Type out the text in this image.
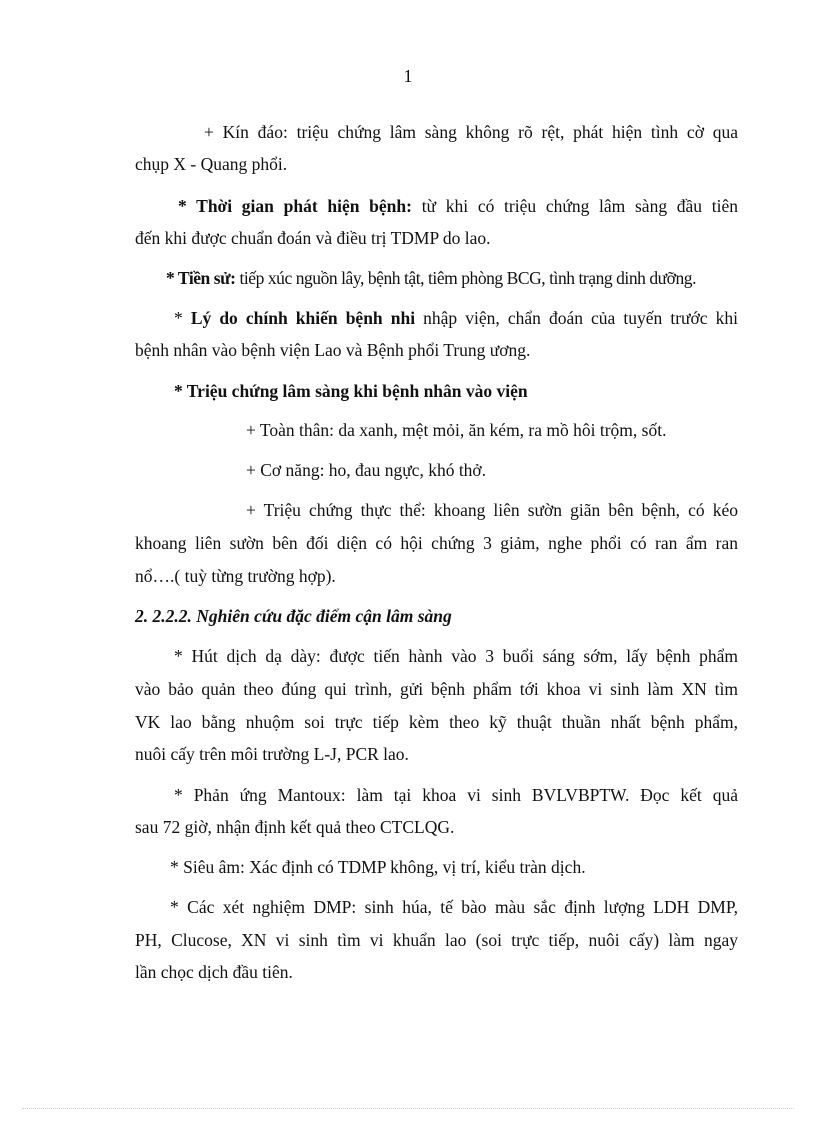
1
+ Kín đáo: triệu chứng lâm sàng không rõ rệt, phát hiện tình cờ qua
chụp X - Quang phổi.
* Thời gian phát hiện bệnh: từ khi có triệu chứng lâm sàng đầu tiên
đến khi được chuẩn đoán và điều trị TDMP do lao.
* Tiền sử: tiếp xúc nguồn lây, bệnh tật, tiêm phòng BCG, tình trạng dinh dưỡng.
* Lý do chính khiến bệnh nhi nhập viện, chẩn đoán của tuyến trước khi
bệnh nhân vào bệnh viện Lao và Bệnh phổi Trung ương.
* Triệu chứng lâm sàng khi bệnh nhân vào viện
+ Toàn thân: da xanh, mệt mỏi, ăn kém, ra mồ hôi trộm, sốt.
+ Cơ năng: ho, đau ngực, khó thở.
+ Triệu chứng thực thể: khoang liên sườn giãn bên bệnh, có kéo
khoang liên sườn bên đối diện có hội chứng 3 giảm, nghe phổi có ran ẩm ran
nổ….( tuỳ từng trường hợp).
2. 2.2.2. Nghiên cứu đặc điểm cận lâm sàng
* Hút dịch dạ dày: được tiến hành vào 3 buổi sáng sớm, lấy bệnh phẩm
vào bảo quản theo đúng qui trình, gửi bệnh phẩm tới khoa vi sinh làm XN tìm
VK lao bằng nhuộm soi trực tiếp kèm theo kỹ thuật thuần nhất bệnh phẩm,
nuôi cấy trên môi trường L-J, PCR lao.
* Phản ứng Mantoux: làm tại khoa vi sinh BVLVBPTW. Đọc kết quả
sau 72 giờ, nhận định kết quả theo CTCLQG.
* Siêu âm: Xác định có TDMP không, vị trí, kiểu tràn dịch.
* Các xét nghiệm DMP: sinh húa, tế bào màu sắc định lượng LDH DMP,
PH, Clucose, XN vi sinh tìm vi khuẩn lao (soi trực tiếp, nuôi cấy) làm ngay
lần chọc dịch đầu tiên.
